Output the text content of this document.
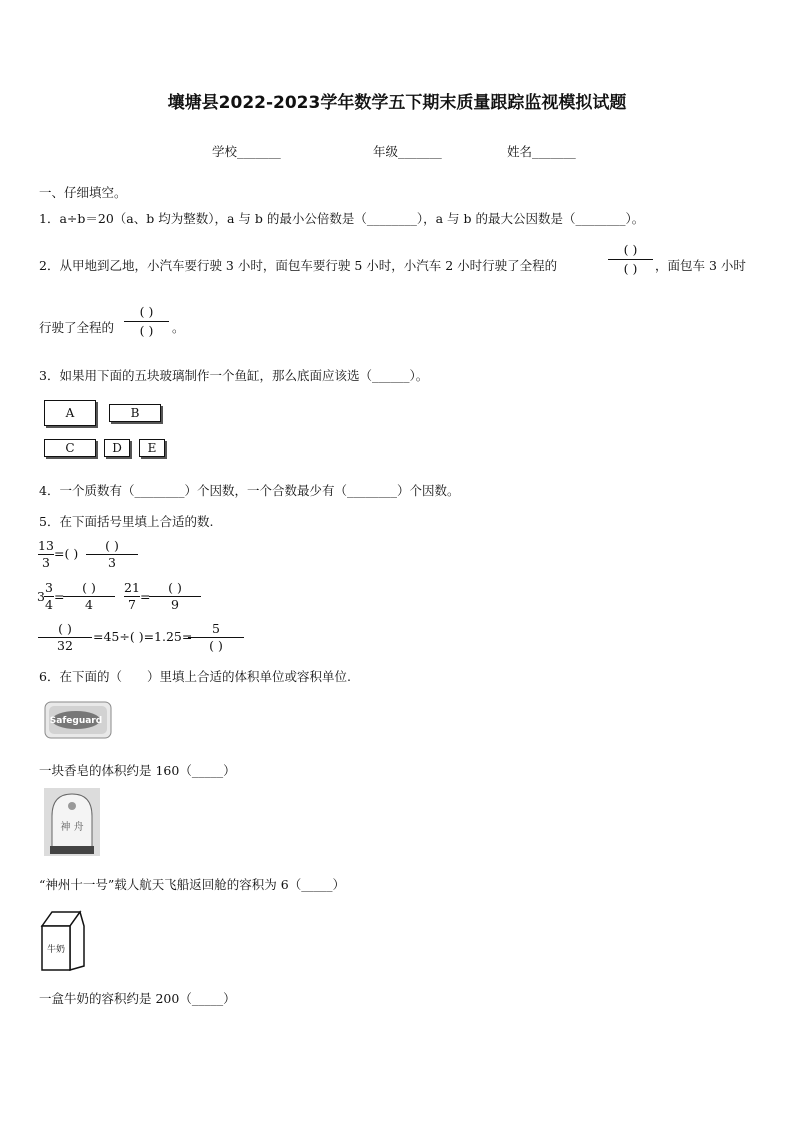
壤塘县2022-2023学年数学五下期末质量跟踪监视模拟试题
学校_______	年级_______	姓名_______
一、仔细填空。
1．a÷b＝20（a、b 均为整数），a 与 b 的最小公倍数是（________），a 与 b 的最大公因数是（________）。
2．从甲地到乙地，小汽车要行驶 3 小时，面包车要行驶 5 小时，小汽车 2 小时行驶了全程的
( )
( )	，面包车 3 小时
行驶了全程的
( )
( )	。
3．如果用下面的五块玻璃制作一个鱼缸，那么底面应该选（______）。
A	B
C	D	E
4．一个质数有（________）个因数，一个合数最少有（________）个因数。
5．在下面括号里填上合适的数.
13
3
=( )
( )
3
3
3
4
=
( )
4
21
7
=
( )
9
( )
32
=45÷( )=1.25=
5
( )
6．在下面的（　　）里填上合适的体积单位或容积单位.
Safeguard
一块香皂的体积约是 160（_____）
神 舟
“神州十一号”载人航天飞船返回舱的容积为 6（_____）
牛奶
一盒牛奶的容积约是 200（_____）
